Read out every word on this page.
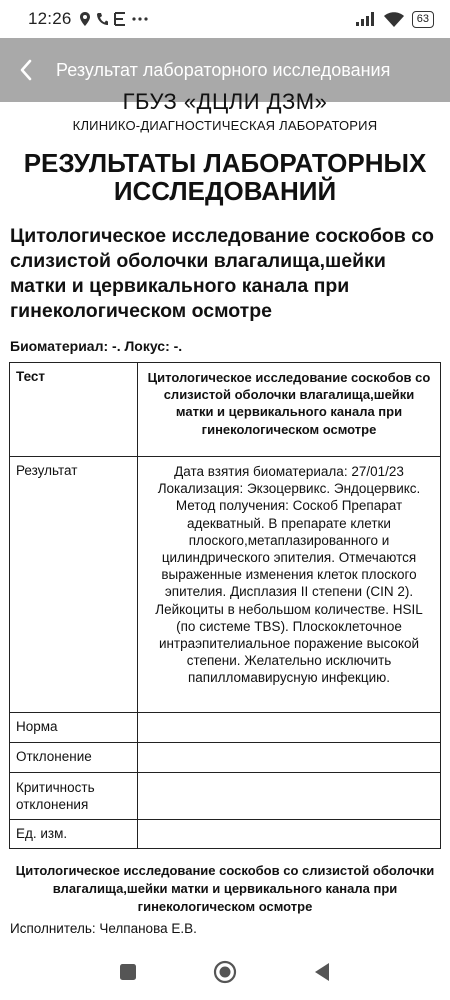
12:26	63
Результат лабораторного исследования
ГБУЗ «ДЦЛИ ДЗМ»
КЛИНИКО-ДИАГНОСТИЧЕСКАЯ ЛАБОРАТОРИЯ
РЕЗУЛЬТАТЫ ЛАБОРАТОРНЫХ ИССЛЕДОВАНИЙ
Цитологическое исследование соскобов со слизистой оболочки влагалища,шейки матки и цервикального канала при гинекологическом осмотре
Биоматериал: -. Локус: -.
Тест	Цитологическое исследование соскобов со слизистой оболочки влагалища,шейки матки и цервикального канала при гинекологическом осмотре
Результат	Дата взятия биоматериала: 27/01/23 Локализация: Экзоцервикс. Эндоцервикс. Метод получения: Соскоб Препарат адекватный. В препарате клетки плоского,метаплазированного и цилиндрического эпителия. Отмечаются выраженные изменения клеток плоского эпителия. Дисплазия II степени (CIN 2). Лейкоциты в небольшом количестве. HSIL (по системе TBS). Плоскоклеточное интраэпителиальное поражение высокой степени. Желательно исключить папилломавирусную инфекцию.
Норма	
Отклонение	
Критичность отклонения	
Ед. изм.	
Цитологическое исследование соскобов со слизистой оболочки влагалища,шейки матки и цервикального канала при гинекологическом осмотре
Исполнитель: Челпанова Е.В.
